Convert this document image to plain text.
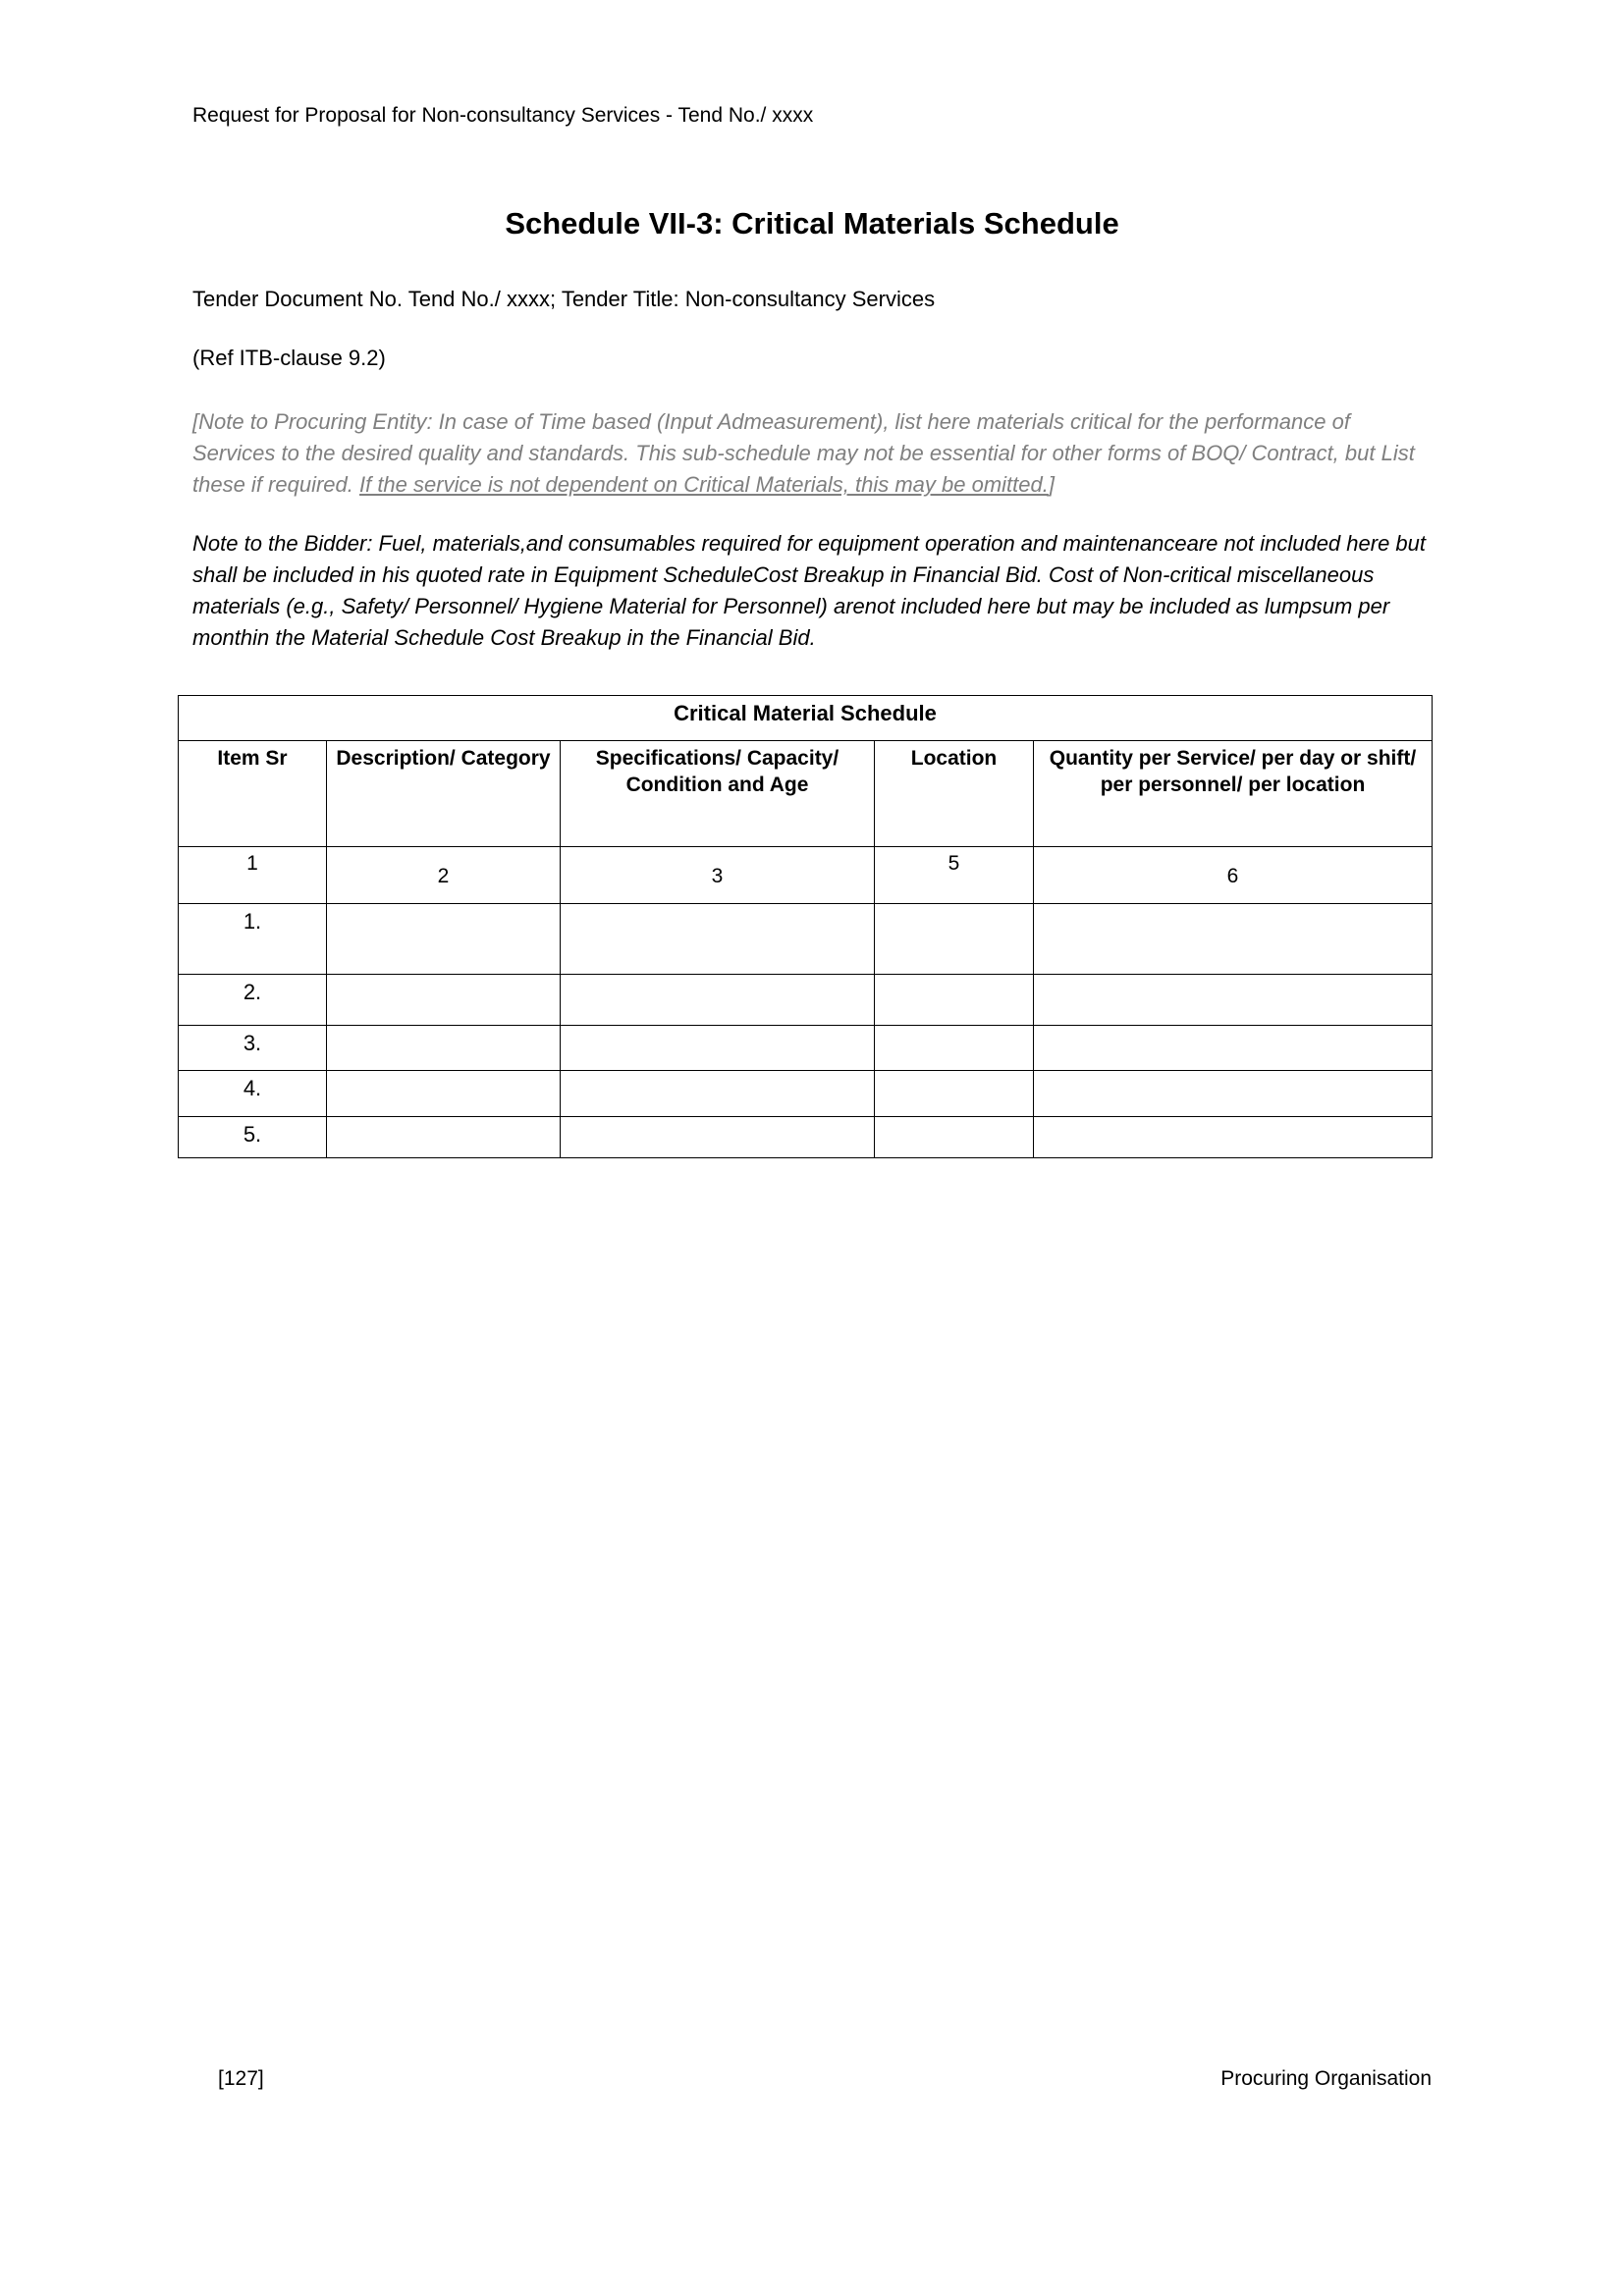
Request for Proposal for Non-consultancy Services - Tend No./ xxxx
Schedule VII-3: Critical Materials Schedule
Tender Document No. Tend No./ xxxx; Tender Title: Non-consultancy Services
(Ref ITB-clause 9.2)
[Note to Procuring Entity: In case of Time based (Input Admeasurement), list here materials critical for the performance of Services to the desired quality and standards. This sub-schedule may not be essential for other forms of BOQ/ Contract, but List these if required. If the service is not dependent on Critical Materials, this may be omitted.]
Note to the Bidder: Fuel, materials,and consumables required for equipment operation and maintenanceare not included here but shall be included in his quoted rate in Equipment ScheduleCost Breakup in Financial Bid. Cost of Non-critical miscellaneous materials (e.g., Safety/ Personnel/ Hygiene Material for Personnel) arenot included here but may be included as lumpsum per monthin the Material Schedule Cost Breakup in the Financial Bid.
Critical Material Schedule				
Item Sr	Description/ Category	Specifications/ Capacity/ Condition and Age	Location	Quantity per Service/ per day or shift/ per personnel/ per location
1	2	3	5	6
1.				
2.				
3.				
4.				
5.				
[127]	Procuring Organisation
